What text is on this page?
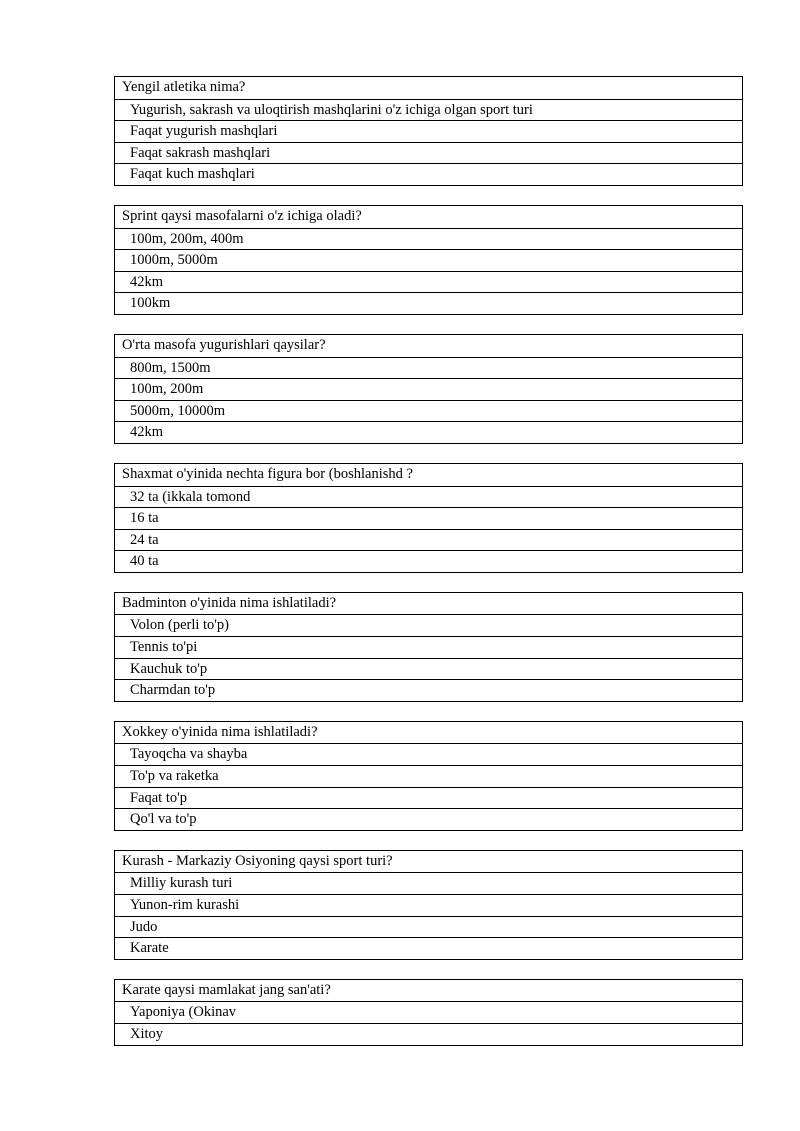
Yengil atletika nima?
Yugurish, sakrash va uloqtirish mashqlarini o'z ichiga olgan sport turi
Faqat yugurish mashqlari
Faqat sakrash mashqlari
Faqat kuch mashqlari
Sprint qaysi masofalarni o'z ichiga oladi?
100m, 200m, 400m
1000m, 5000m
42km
100km
O'rta masofa yugurishlari qaysilar?
800m, 1500m
100m, 200m
5000m, 10000m
42km
Shaxmat o'yinida nechta figura bor (boshlanishd ?
32 ta (ikkala tomond
16 ta
24 ta
40 ta
Badminton o'yinida nima ishlatiladi?
Volon (perli to'p)
Tennis to'pi
Kauchuk to'p
Charmdan to'p
Xokkey o'yinida nima ishlatiladi?
Tayoqcha va shayba
To'p va raketka
Faqat to'p
Qo'l va to'p
Kurash - Markaziy Osiyoning qaysi sport turi?
Milliy kurash turi
Yunon-rim kurashi
Judo
Karate
Karate qaysi mamlakat jang san'ati?
Yaponiya (Okinav
Xitoy
